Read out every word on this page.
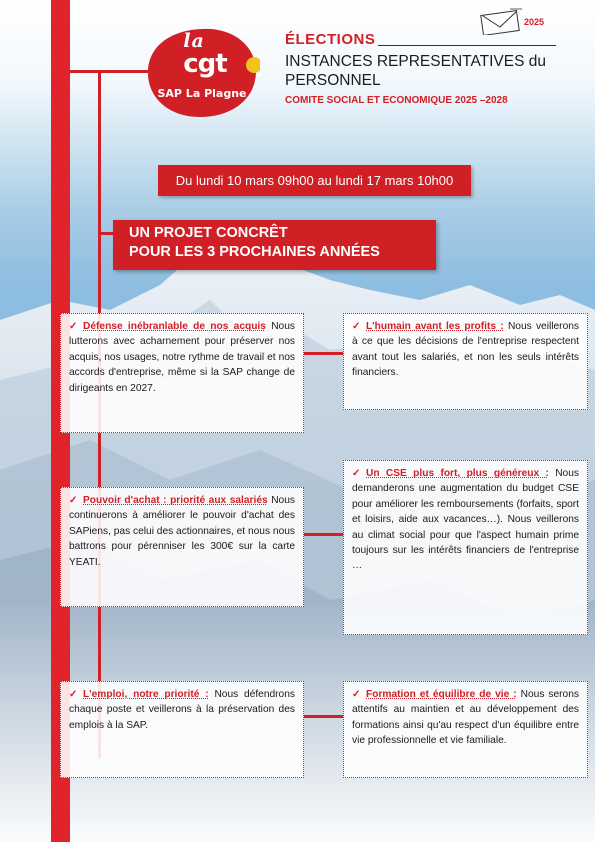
la
cgt
SAP La Plagne
2025
ÉLECTIONS
INSTANCES REPRESENTATIVES du
PERSONNEL
COMITE SOCIAL ET ECONOMIQUE 2025 –2028
Du lundi 10 mars 09h00 au lundi 17 mars 10h00
UN PROJET CONCRÊT
POUR LES 3 PROCHAINES ANNÉES
✓ Défense inébranlable de nos acquis Nous lutterons avec acharnement pour préserver nos acquis, nos usages, notre rythme de travail et nos accords d'entreprise, même si la SAP change de dirigeants en 2027.
✓ L'humain avant les profits : Nous veillerons à ce que les décisions de l'entreprise respectent avant tout les salariés, et non les seuls intérêts financiers.
✓ Pouvoir d'achat : priorité aux salariés Nous continuerons à améliorer le pouvoir d'achat des SAPiens, pas celui des actionnaires, et nous nous battrons pour pérenniser les 300€ sur la carte YEATI.
✓ Un CSE plus fort, plus généreux : Nous demanderons une augmentation du budget CSE pour améliorer les remboursements (forfaits, sport et loisirs, aide aux vacances…). Nous veillerons au climat social pour que l'aspect humain prime toujours sur les intérêts financiers de l'entreprise …
✓ L'emploi, notre priorité : Nous défendrons chaque poste et veillerons à la préservation des emplois à la SAP.
✓ Formation et équilibre de vie : Nous serons attentifs au maintien et au développement des formations ainsi qu'au respect d'un équilibre entre vie professionnelle et vie familiale.
